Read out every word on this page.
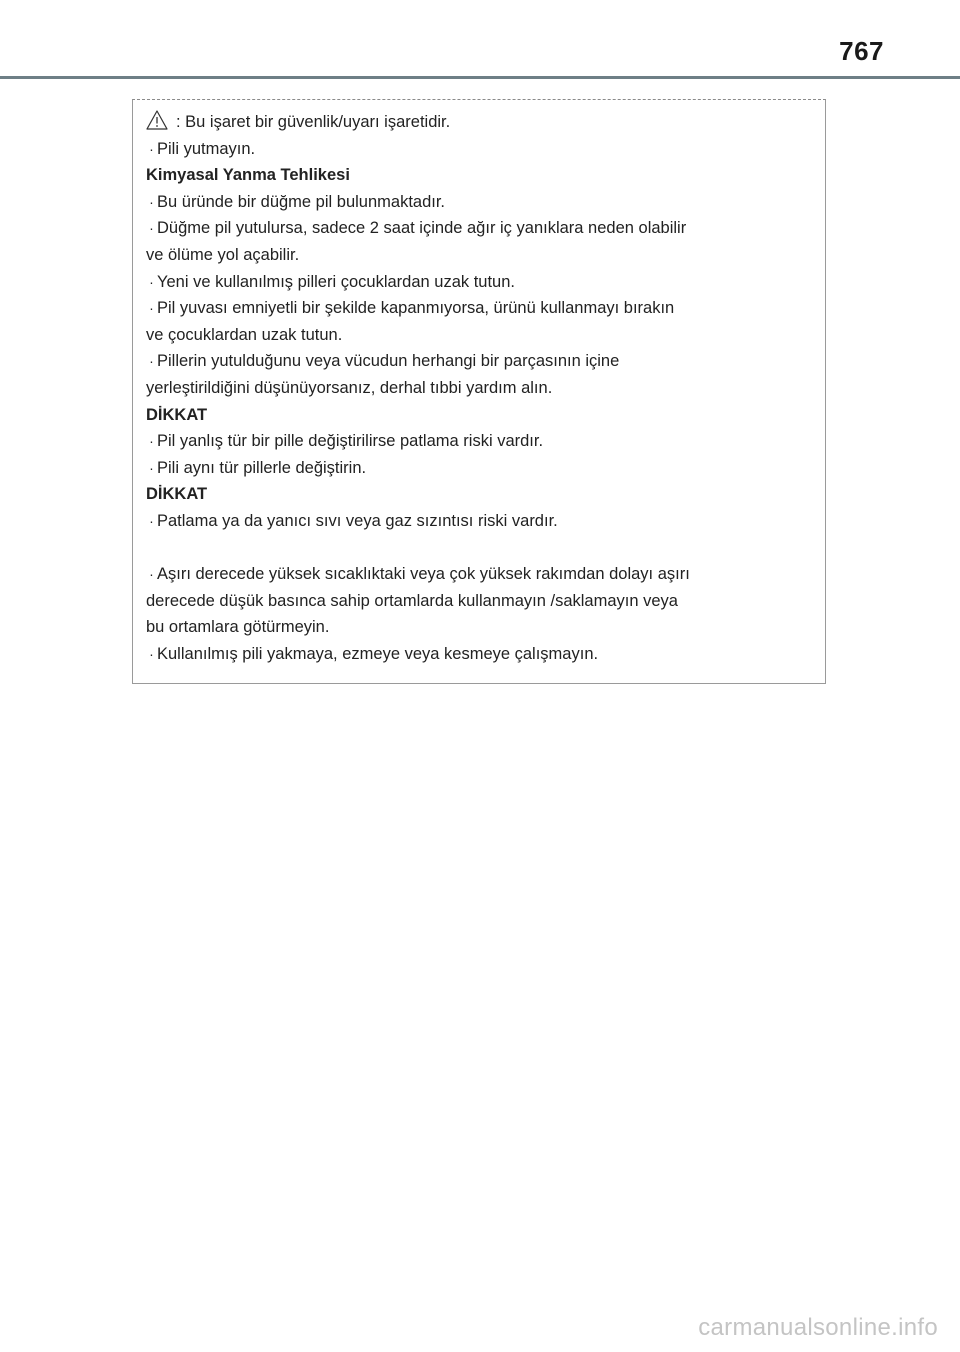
767
: Bu işaret bir güvenlik/uyarı işaretidir.
· Pili yutmayın.
Kimyasal Yanma Tehlikesi
· Bu üründe bir düğme pil bulunmaktadır.
· Düğme pil yutulursa, sadece 2 saat içinde ağır iç yanıklara neden olabilir
ve ölüme yol açabilir.
· Yeni ve kullanılmış pilleri çocuklardan uzak tutun.
· Pil yuvası emniyetli bir şekilde kapanmıyorsa, ürünü kullanmayı bırakın
ve çocuklardan uzak tutun.
· Pillerin yutulduğunu veya vücudun herhangi bir parçasının içine
yerleştirildiğini düşünüyorsanız, derhal tıbbi yardım alın.
DİKKAT
· Pil yanlış tür bir pille değiştirilirse patlama riski vardır.
· Pili aynı tür pillerle değiştirin.
DİKKAT
· Patlama ya da yanıcı sıvı veya gaz sızıntısı riski vardır.
· Aşırı derecede yüksek sıcaklıktaki veya çok yüksek rakımdan dolayı aşırı
derecede düşük basınca sahip ortamlarda kullanmayın /saklamayın veya
bu ortamlara götürmeyin.
· Kullanılmış pili yakmaya, ezmeye veya kesmeye çalışmayın.
carmanualsonline.info
